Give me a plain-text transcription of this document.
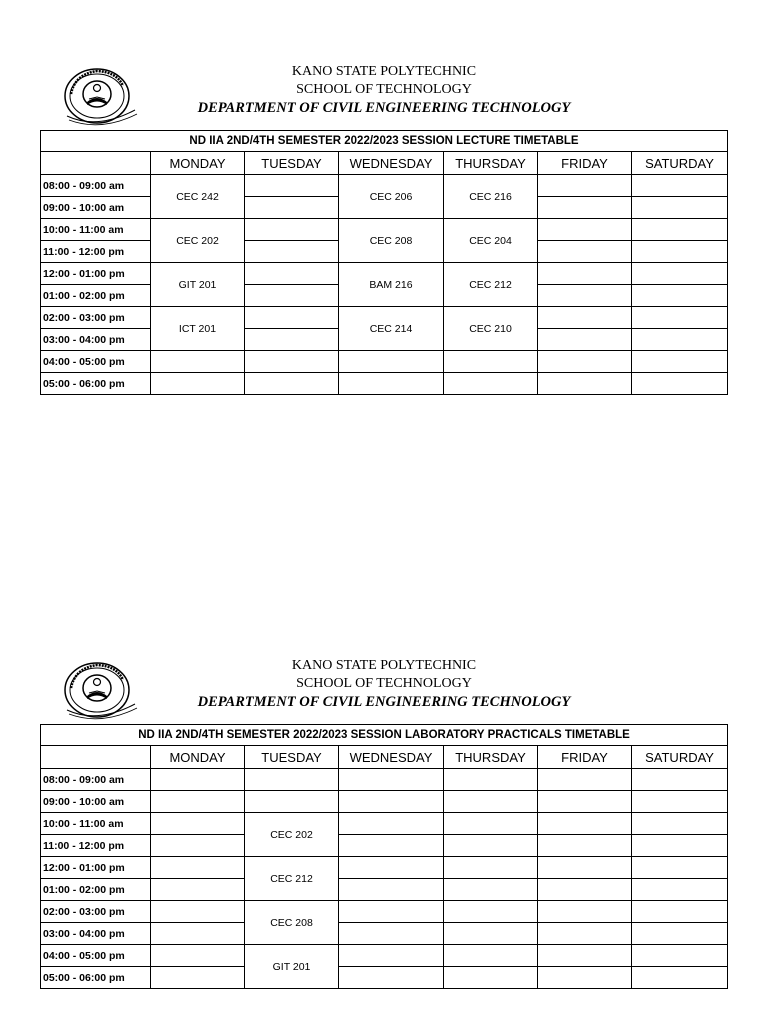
KANO STATE POLYTECHNIC
SCHOOL OF TECHNOLOGY
DEPARTMENT OF CIVIL ENGINEERING TECHNOLOGY
ND IIA 2ND/4TH SEMESTER 2022/2023 SESSION LECTURE TIMETABLE						
	MONDAY	TUESDAY	WEDNESDAY	THURSDAY	FRIDAY	SATURDAY
08:00 - 09:00 am	CEC 242		CEC 206	CEC 216		
09:00 - 10:00 am						
10:00 - 11:00 am	CEC 202		CEC 208	CEC 204		
11:00 - 12:00 pm						
12:00 - 01:00 pm	GIT 201		BAM 216	CEC 212		
01:00 - 02:00 pm						
02:00 - 03:00 pm	ICT 201		CEC 214	CEC 210		
03:00 - 04:00 pm						
04:00 - 05:00 pm						
05:00 - 06:00 pm						
KANO STATE POLYTECHNIC
SCHOOL OF TECHNOLOGY
DEPARTMENT OF CIVIL ENGINEERING TECHNOLOGY
ND IIA 2ND/4TH SEMESTER 2022/2023 SESSION LABORATORY PRACTICALS TIMETABLE						
	MONDAY	TUESDAY	WEDNESDAY	THURSDAY	FRIDAY	SATURDAY
08:00 - 09:00 am						
09:00 - 10:00 am						
10:00 - 11:00 am		CEC 202				
11:00 - 12:00 pm						
12:00 - 01:00 pm		CEC 212				
01:00 - 02:00 pm						
02:00 - 03:00 pm		CEC 208				
03:00 - 04:00 pm						
04:00 - 05:00 pm		GIT 201				
05:00 - 06:00 pm						
